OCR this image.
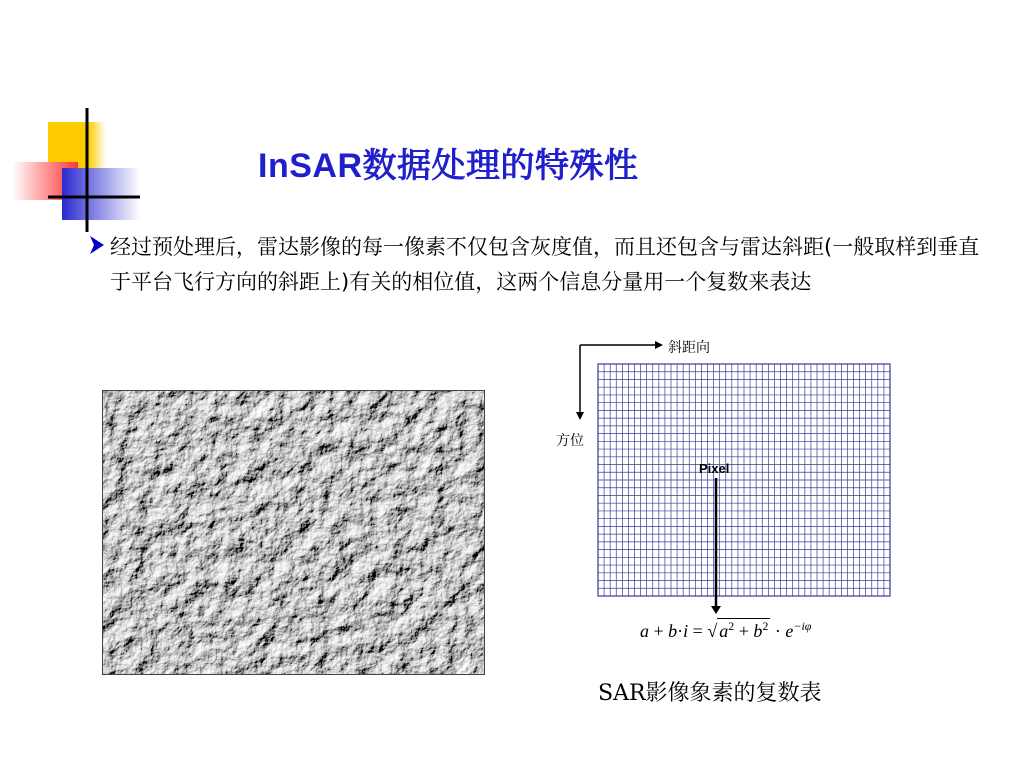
InSAR数据处理的特殊性
经过预处理后，雷达影像的每一像素不仅包含灰度值，而且还包含与雷达斜距(一般取样到垂直于平台飞行方向的斜距上)有关的相位值，这两个信息分量用一个复数来表达
斜距向
方位
Pixel
a + b·i = √ $a^2 + b^2 \cdot e^{-i\varphi}$
SAR影像象素的复数表
